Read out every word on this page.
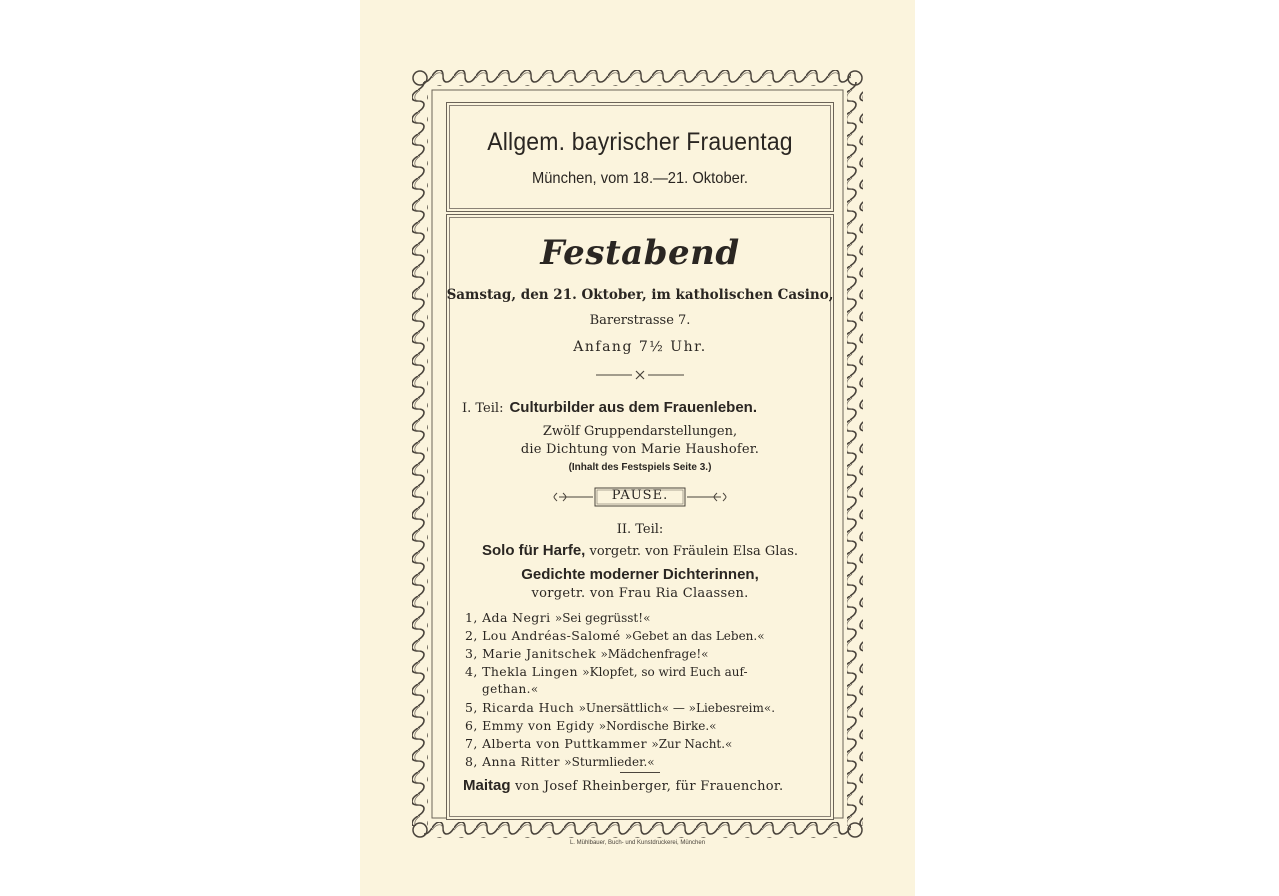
Allgem. bayrischer Frauentag
München, vom 18.—21. Oktober.
Festabend
Samstag, den 21. Oktober, im katholischen Casino,
Barerstrasse 7.
Anfang 7½ Uhr.
I. Teil: Culturbilder aus dem Frauenleben.
Zwölf Gruppendarstellungen,
die Dichtung von Marie Haushofer.
(Inhalt des Festspiels Seite 3.)
PAUSE.
II. Teil:
Solo für Harfe, vorgetr. von Fräulein Elsa Glas.
Gedichte moderner Dichterinnen,
vorgetr. von Frau Ria Claassen.
1, Ada Negri »Sei gegrüsst!«
2, Lou Andréas-Salomé »Gebet an das Leben.«
3, Marie Janitschek »Mädchenfrage!«
4, Thekla Lingen »Klopfet, so wird Euch auf-
gethan.«
5, Ricarda Huch »Unersättlich« — »Liebesreim«.
6, Emmy von Egidy »Nordische Birke.«
7, Alberta von Puttkammer »Zur Nacht.«
8, Anna Ritter »Sturmlieder.«
Maitag von Josef Rheinberger, für Frauenchor.
L. Mühlbauer, Buch- und Kunstdruckerei, München
